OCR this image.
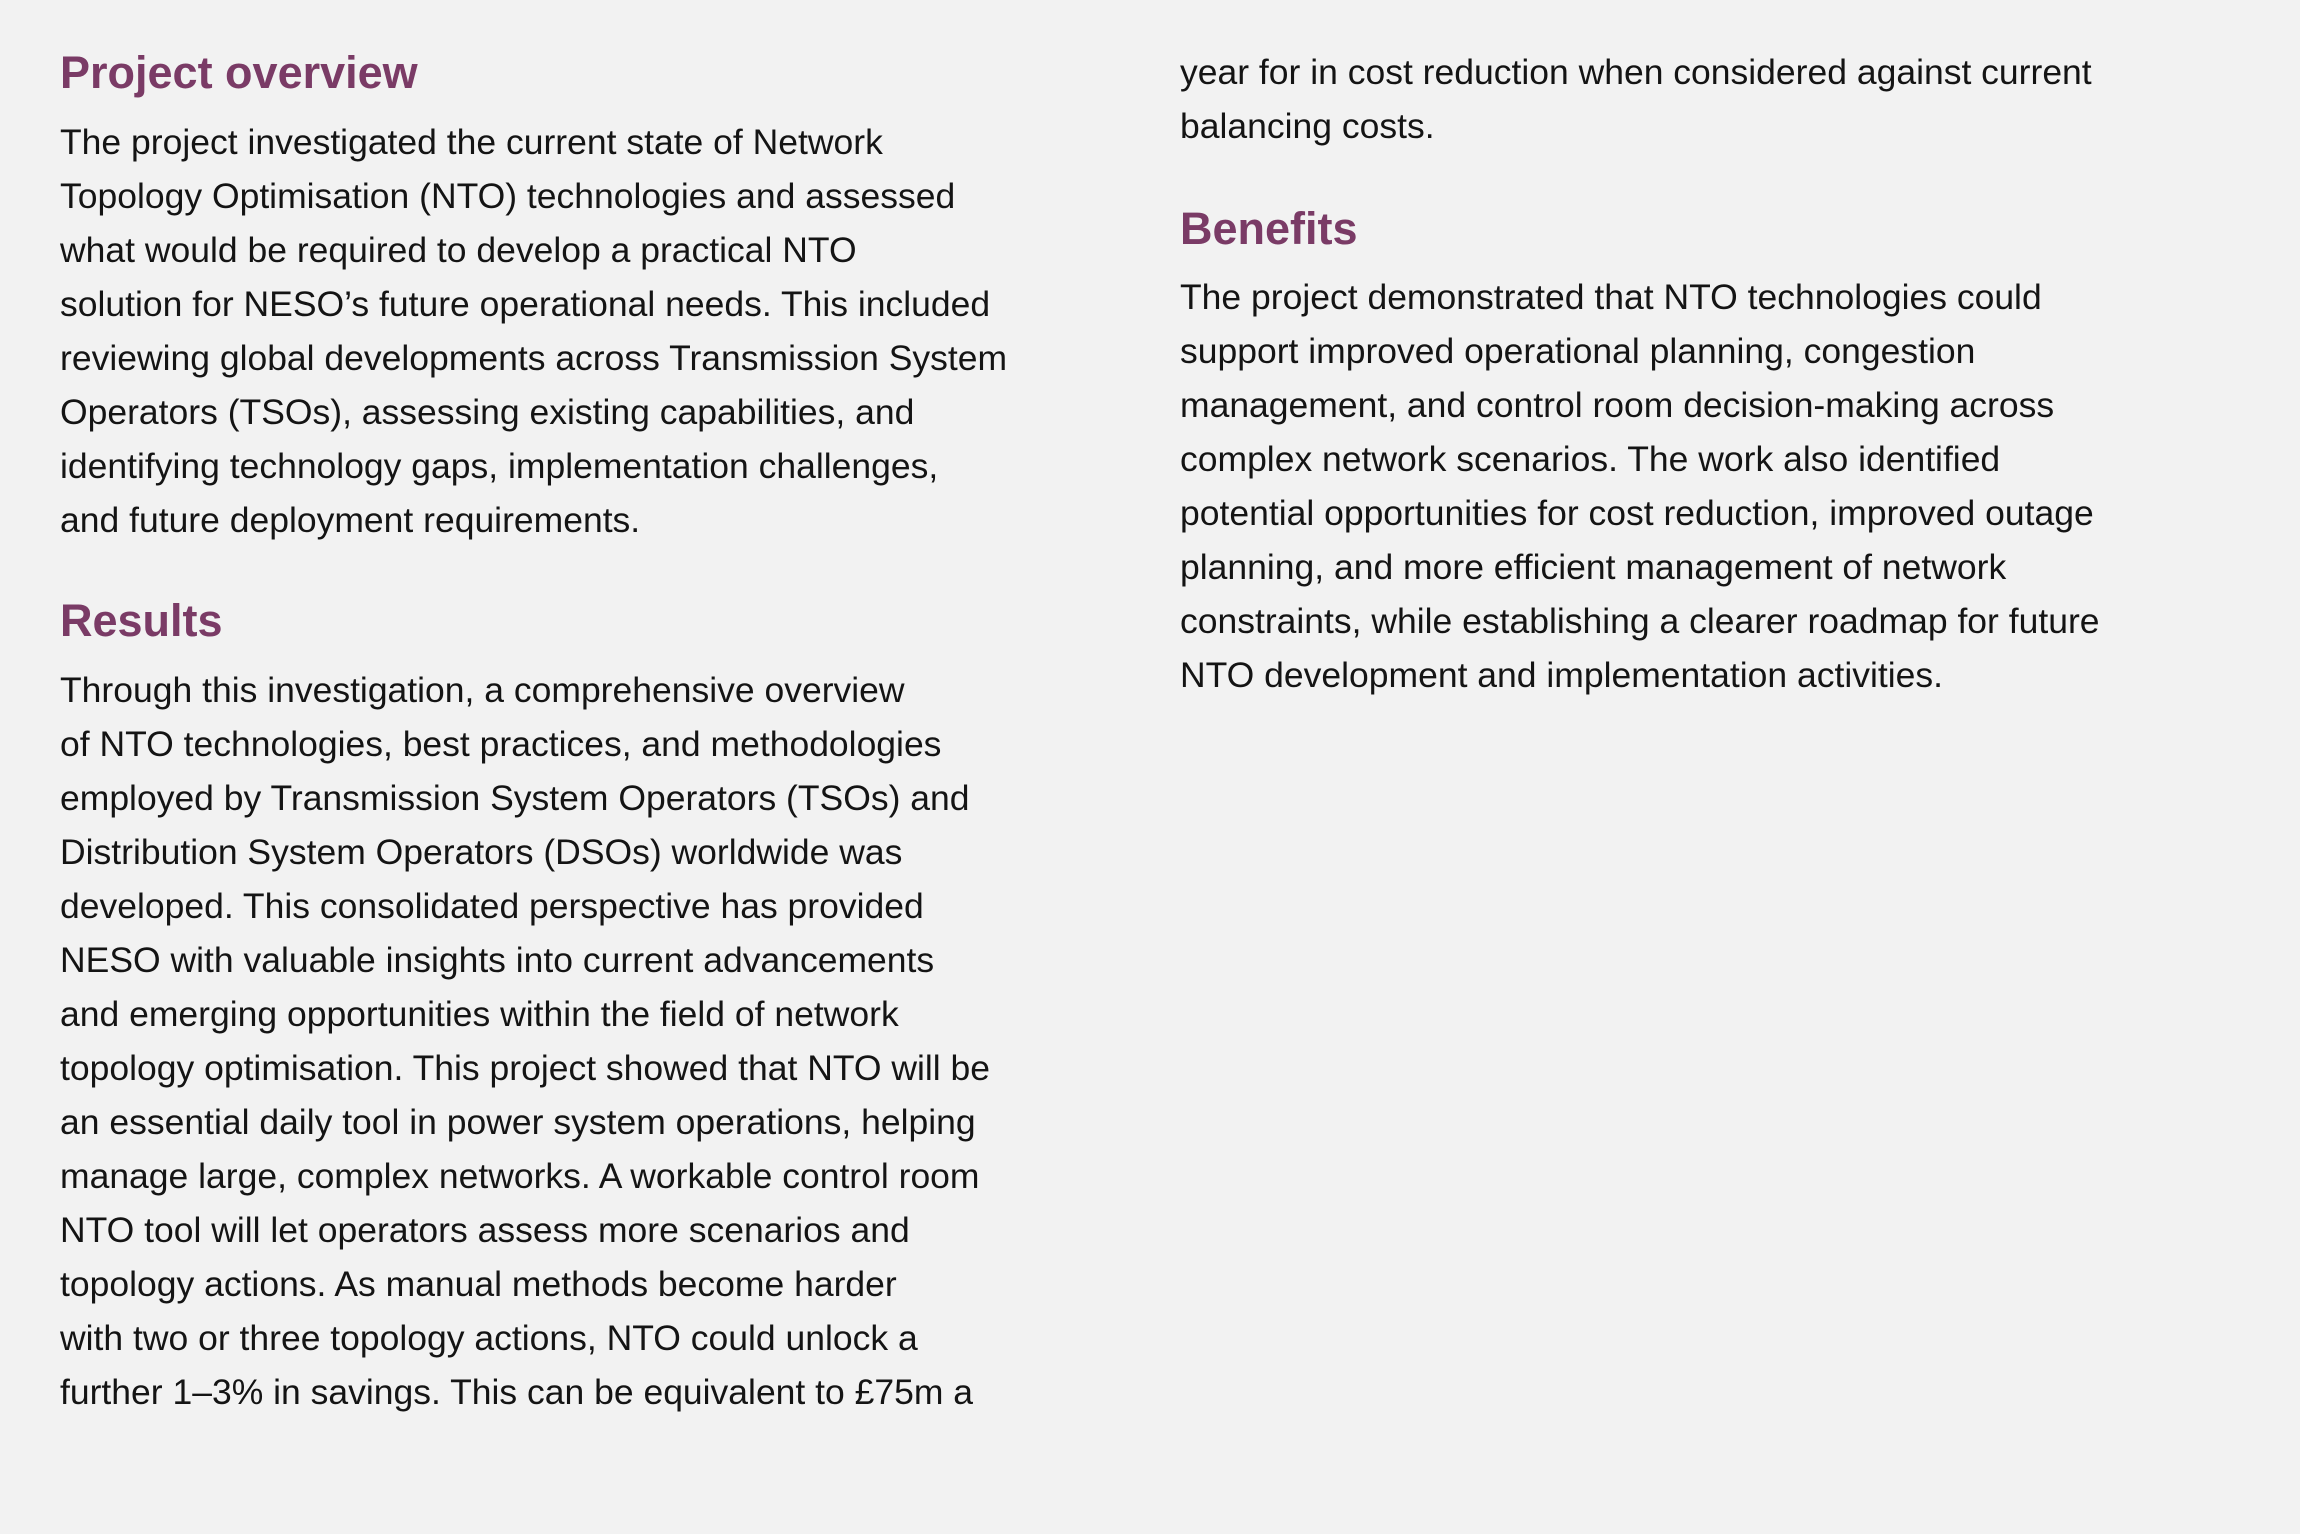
Project overview
The project investigated the current state of Network
Topology Optimisation (NTO) technologies and assessed
what would be required to develop a practical NTO
solution for NESO’s future operational needs. This included
reviewing global developments across Transmission System
Operators (TSOs), assessing existing capabilities, and
identifying technology gaps, implementation challenges,
and future deployment requirements.
Results
Through this investigation, a comprehensive overview
of NTO technologies, best practices, and methodologies
employed by Transmission System Operators (TSOs) and
Distribution System Operators (DSOs) worldwide was
developed. This consolidated perspective has provided
NESO with valuable insights into current advancements
and emerging opportunities within the field of network
topology optimisation. This project showed that NTO will be
an essential daily tool in power system operations, helping
manage large, complex networks. A workable control room
NTO tool will let operators assess more scenarios and
topology actions. As manual methods become harder
with two or three topology actions, NTO could unlock a
further 1–3% in savings. This can be equivalent to £75m a
year for in cost reduction when considered against current
balancing costs.
Benefits
The project demonstrated that NTO technologies could
support improved operational planning, congestion
management, and control room decision-making across
complex network scenarios. The work also identified
potential opportunities for cost reduction, improved outage
planning, and more efficient management of network
constraints, while establishing a clearer roadmap for future
NTO development and implementation activities.
